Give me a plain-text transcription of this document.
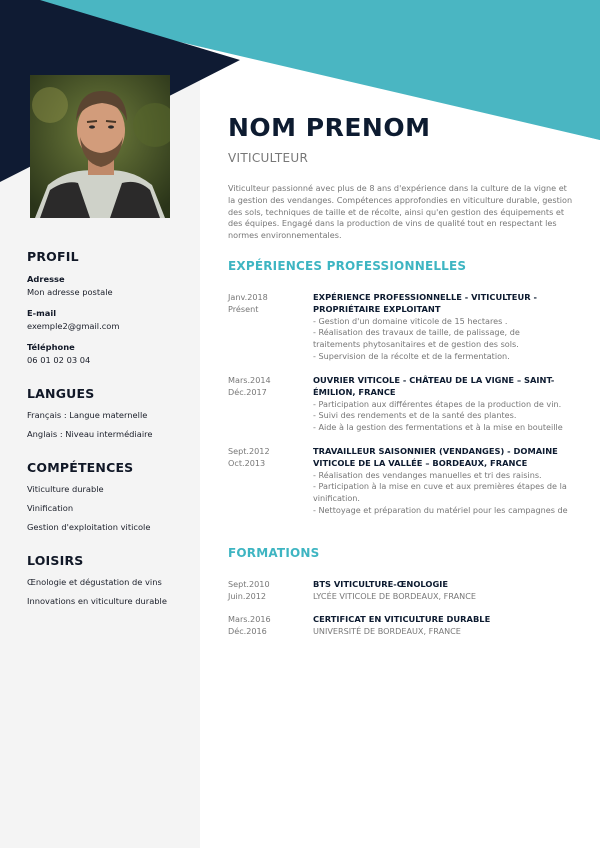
PROFIL
Adresse
Mon adresse postale
E-mail
exemple2@gmail.com
Téléphone
06 01 02 03 04
LANGUES
Français : Langue maternelle
Anglais : Niveau intermédiaire
COMPÉTENCES
Viticulture durable
Vinification
Gestion d'exploitation viticole
LOISIRS
Œnologie et dégustation de vins
Innovations en viticulture durable
NOM PRENOM
VITICULTEUR
Viticulteur passionné avec plus de 8 ans d'expérience dans la culture de la vigne et la gestion des vendanges. Compétences approfondies en viticulture durable, gestion des sols, techniques de taille et de récolte, ainsi qu'en gestion des équipements et des équipes. Engagé dans la production de vins de qualité tout en respectant les normes environnementales.
EXPÉRIENCES PROFESSIONNELLES
Janv.2018
Présent
EXPÉRIENCE PROFESSIONNELLE - VITICULTEUR - PROPRIÉTAIRE EXPLOITANT
- Gestion d'un domaine viticole de 15 hectares .
- Réalisation des travaux de taille, de palissage, de
traitements phytosanitaires et de gestion des sols.
- Supervision de la récolte et de la fermentation.
Mars.2014
Déc.2017
OUVRIER VITICOLE - CHÂTEAU DE LA VIGNE – SAINT-ÉMILION, FRANCE
- Participation aux différentes étapes de la production de vin.
- Suivi des rendements et de la santé des plantes.
- Aide à la gestion des fermentations et à la mise en bouteille
Sept.2012
Oct.2013
TRAVAILLEUR SAISONNIER (VENDANGES) - DOMAINE VITICOLE DE LA VALLÉE – BORDEAUX, FRANCE
- Réalisation des vendanges manuelles et tri des raisins.
- Participation à la mise en cuve et aux premières étapes de la
vinification.
- Nettoyage et préparation du matériel pour les campagnes de
FORMATIONS
Sept.2010
Juin.2012
BTS VITICULTURE-ŒNOLOGIE
LYCÉE VITICOLE DE BORDEAUX, FRANCE
Mars.2016
Déc.2016
CERTIFICAT EN VITICULTURE DURABLE
UNIVERSITÉ DE BORDEAUX, FRANCE
